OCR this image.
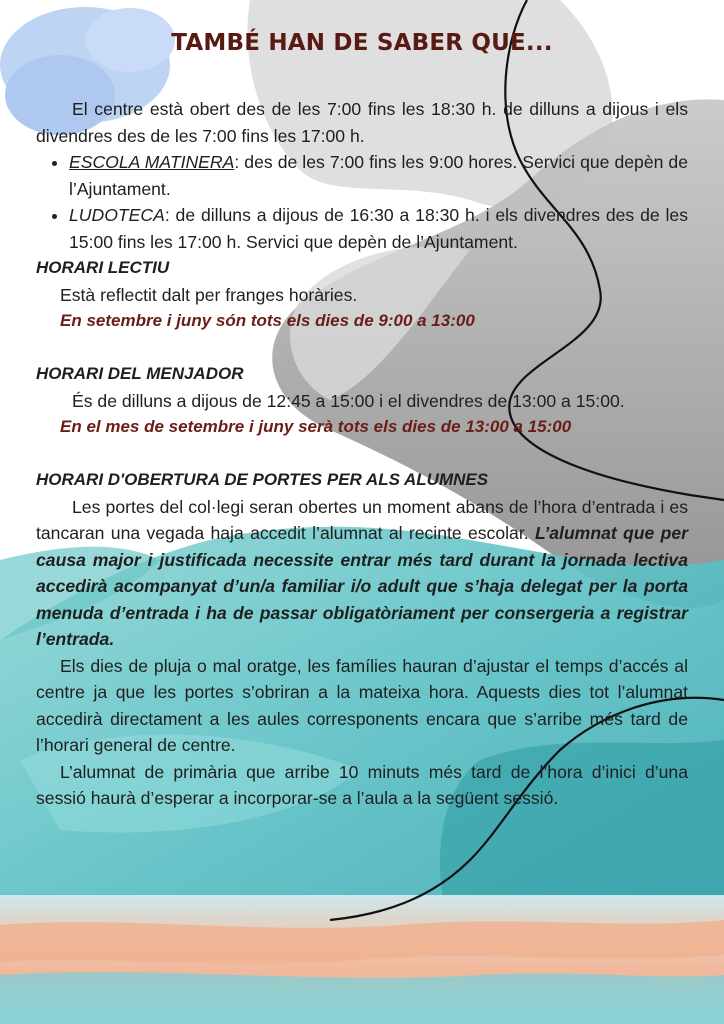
TAMBÉ HAN DE SABER QUE...

El centre està obert des de les 7:00 fins les 18:30 h. de dilluns a dijous i els divendres des de les 7:00 fins les 17:00 h.

• ESCOLA MATINERA: des de les 7:00 fins les 9:00 hores. Servici que depèn de l’Ajuntament.
• LUDOTECA: de dilluns a dijous de 16:30 a 18:30 h. i els divendres des de les 15:00 fins les 17:00 h. Servici que depèn de l’Ajuntament.
HORARI LECTIU

Està reflectit dalt per franges horàries.

En setembre i juny són tots els dies de 9:00 a 13:00
HORARI DEL MENJADOR

És de dilluns a dijous de 12:45 a 15:00 i el divendres de 13:00 a 15:00.

En el mes de setembre i juny serà tots els dies de 13:00 a 15:00
HORARI D'OBERTURA DE PORTES PER ALS ALUMNES

Les portes del col·legi seran obertes un moment abans de l’hora d’entrada i es tancaran una vegada haja accedit l’alumnat al recinte escolar. L’alumnat que per causa major i justificada necessite entrar més tard durant la jornada lectiva accedirà acompanyat d’un/a familiar i/o adult que s’haja delegat per la porta menuda d’entrada i ha de passar obligatòriament per consergeria a registrar l’entrada.

Els dies de pluja o mal oratge, les famílies hauran d’ajustar el temps d’accés al centre ja que les portes s’obriran a la mateixa hora. Aquests dies tot l’alumnat accedirà directament a les aules corresponents encara que s’arribe més tard de l’horari general de centre.

L’alumnat de primària que arribe 10 minuts més tard de l’hora d’inici d’una sessió haurà d’esperar a incorporar-se a l’aula a la següent sessió.
